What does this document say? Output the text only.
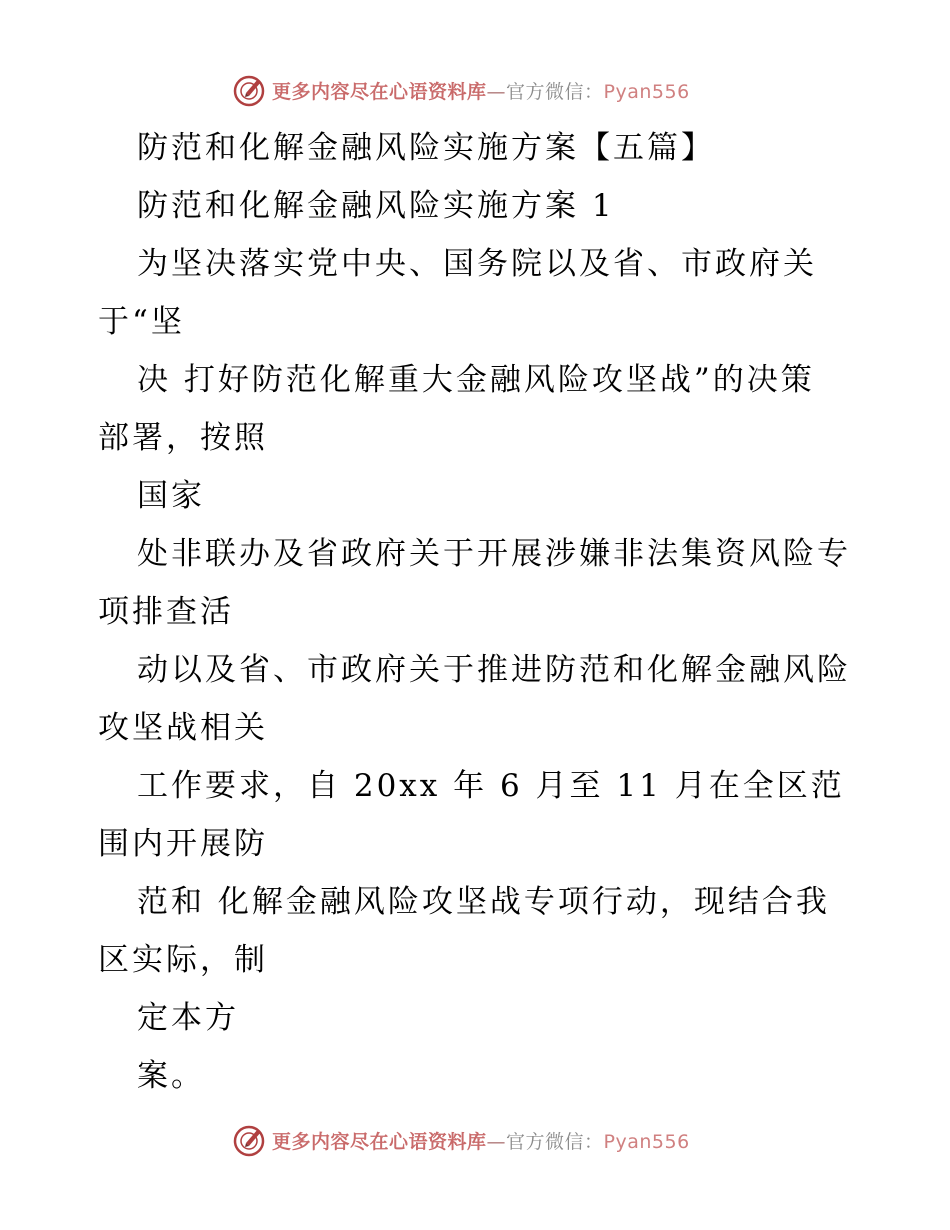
更多内容尽在心语资料库—官方微信：Pyan556
防范和化解金融风险实施方案【五篇】
防范和化解金融风险实施方案 1
为坚决落实党中央、国务院以及省、市政府关
于“坚
决 打好防范化解重大金融风险攻坚战”的决策
部署，按照
国家
处非联办及省政府关于开展涉嫌非法集资风险专
项排查活
动以及省、市政府关于推进防范和化解金融风险
攻坚战相关
工作要求，自 20xx 年 6 月至 11 月在全区范
围内开展防
范和 化解金融风险攻坚战专项行动，现结合我
区实际，制
定本方
案。
更多内容尽在心语资料库—官方微信：Pyan556
